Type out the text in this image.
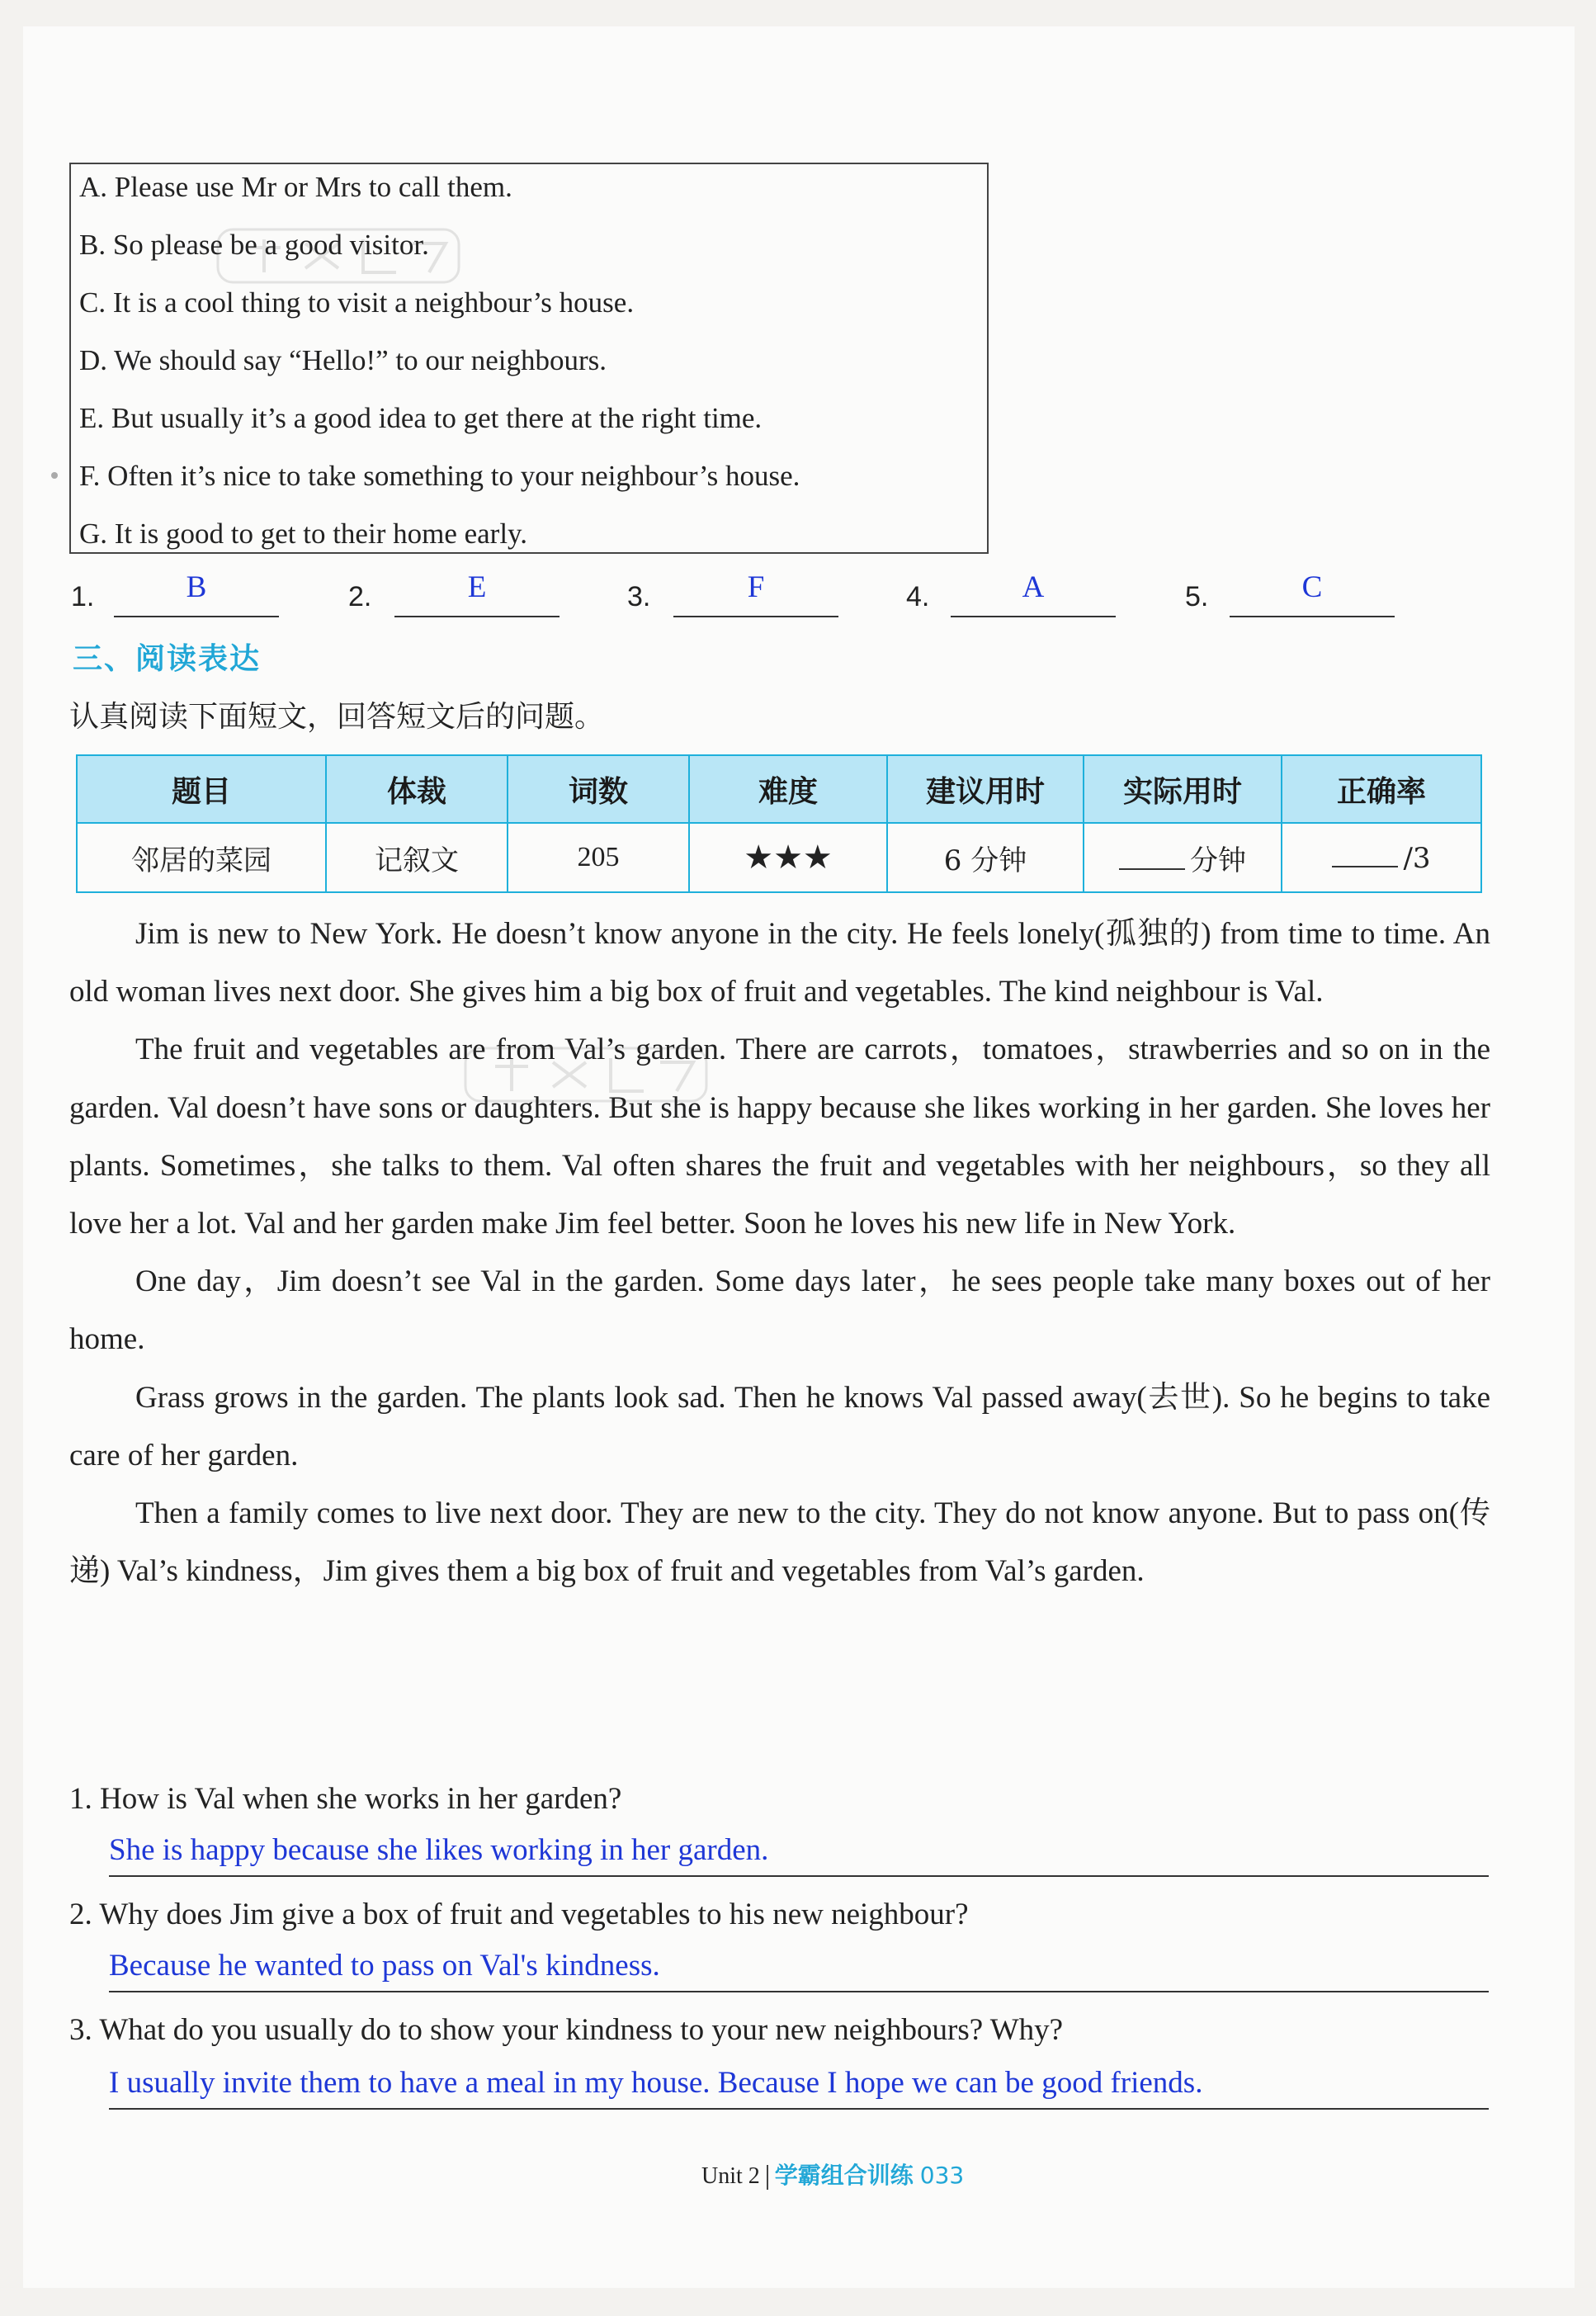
A. Please use Mr or Mrs to call them.
B. So please be a good visitor.
C. It is a cool thing to visit a neighbour’s house.
D. We should say “Hello!” to our neighbours.
E. But usually it’s a good idea to get there at the right time.
F. Often it’s nice to take something to your neighbour’s house.
G. It is good to get to their home early.
1.	B	2.	E	3.	F	4.	A	5.	C
三、阅读表达
认真阅读下面短文，回答短文后的问题。
题目	体裁	词数	难度	建议用时	实际用时	正确率
邻居的菜园	记叙文	205	★★★	6 分钟	分钟	/3

Jim is new to New York. He doesn’t know anyone in the city. He feels lonely(孤独的) from time to time. An old woman lives next door. She gives him a big box of fruit and vegetables. The kind neighbour is Val.

The fruit and vegetables are from Val’s garden. There are carrots，tomatoes，strawberries and so on in the garden. Val doesn’t have sons or daughters. But she is happy because she likes working in her garden. She loves her plants. Sometimes，she talks to them. Val often shares the fruit and vegetables with her neighbours，so they all love her a lot. Val and her garden make Jim feel better. Soon he loves his new life in New York.

One day，Jim doesn’t see Val in the garden. Some days later，he sees people take many boxes out of her home.

Grass grows in the garden. The plants look sad. Then he knows Val passed away(去世). So he begins to take care of her garden.

Then a family comes to live next door. They are new to the city. They do not know anyone. But to pass on(传递) Val’s kindness，Jim gives them a big box of fruit and vegetables from Val’s garden.

1. How is Val when she works in her garden?
She is happy because she likes working in her garden.
2. Why does Jim give a box of fruit and vegetables to his new neighbour?
Because he wanted to pass on Val's kindness.
3. What do you usually do to show your kindness to your new neighbours? Why?
I usually invite them to have a meal in my house. Because I hope we can be good friends.
Unit 2 学霸组合训练 033
